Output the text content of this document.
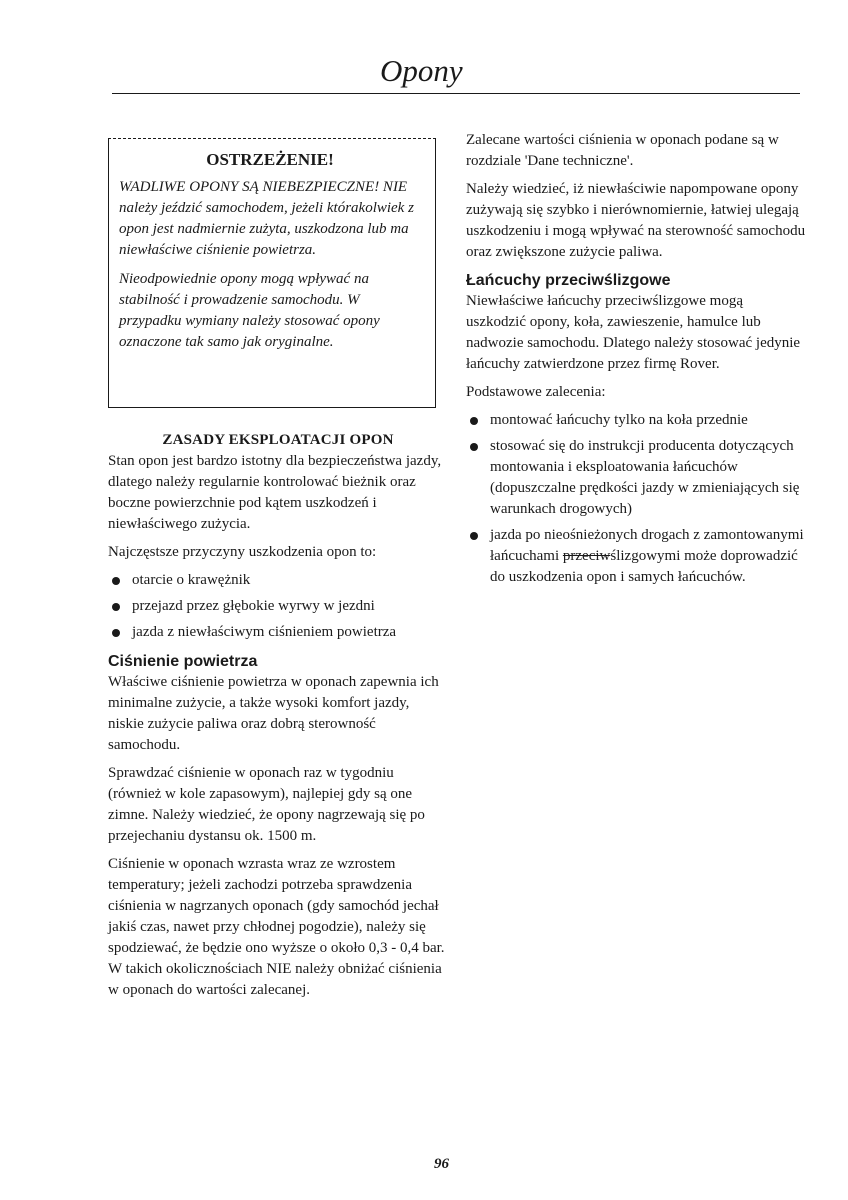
Opony
OSTRZEŻENIE!

WADLIWE OPONY SĄ NIEBEZPIECZNE! NIE należy jeździć samochodem, jeżeli którakolwiek z opon jest nadmiernie zużyta, uszkodzona lub ma niewłaściwe ciśnienie powietrza.

Nieodpowiednie opony mogą wpływać na stabilność i prowadzenie samochodu. W przypadku wymiany należy stosować opony oznaczone tak samo jak oryginalne.

ZASADY EKSPLOATACJI OPON

Stan opon jest bardzo istotny dla bezpieczeństwa jazdy, dlatego należy regularnie kontrolować bieżnik oraz boczne powierzchnie pod kątem uszkodzeń i niewłaściwego zużycia.

Najczęstsze przyczyny uszkodzenia opon to:

otarcie o krawężnik
przejazd przez głębokie wyrwy w jezdni
jazda z niewłaściwym ciśnieniem powietrza
Ciśnienie powietrza

Właściwe ciśnienie powietrza w oponach zapewnia ich minimalne zużycie, a także wysoki komfort jazdy, niskie zużycie paliwa oraz dobrą sterowność samochodu.

Sprawdzać ciśnienie w oponach raz w tygodniu (również w kole zapasowym), najlepiej gdy są one zimne. Należy wiedzieć, że opony nagrzewają się po przejechaniu dystansu ok. 1500 m.

Ciśnienie w oponach wzrasta wraz ze wzrostem temperatury; jeżeli zachodzi potrzeba sprawdzenia ciśnienia w nagrzanych oponach (gdy samochód jechał jakiś czas, nawet przy chłodnej pogodzie), należy się spodziewać, że będzie ono wyższe o około 0,3 - 0,4 bar. W takich okolicznościach NIE należy obniżać ciśnienia w oponach do wartości zalecanej.

Zalecane wartości ciśnienia w oponach podane są w rozdziale 'Dane techniczne'.

Należy wiedzieć, iż niewłaściwie napompowane opony zużywają się szybko i nierównomiernie, łatwiej ulegają uszkodzeniu i mogą wpływać na sterowność samochodu oraz zwiększone zużycie paliwa.

Łańcuchy przeciwślizgowe

Niewłaściwe łańcuchy przeciwślizgowe mogą uszkodzić opony, koła, zawieszenie, hamulce lub nadwozie samochodu. Dlatego należy stosować jedynie łańcuchy zatwierdzone przez firmę Rover.

Podstawowe zalecenia:

montować łańcuchy tylko na koła przednie
stosować się do instrukcji producenta dotyczących montowania i eksploatowania łańcuchów (dopuszczalne prędkości jazdy w zmieniających się warunkach drogowych)
jazda po nieośnieżonych drogach z zamontowanymi łańcuchami przeciwślizgowymi może doprowadzić do uszkodzenia opon i samych łańcuchów.
96
